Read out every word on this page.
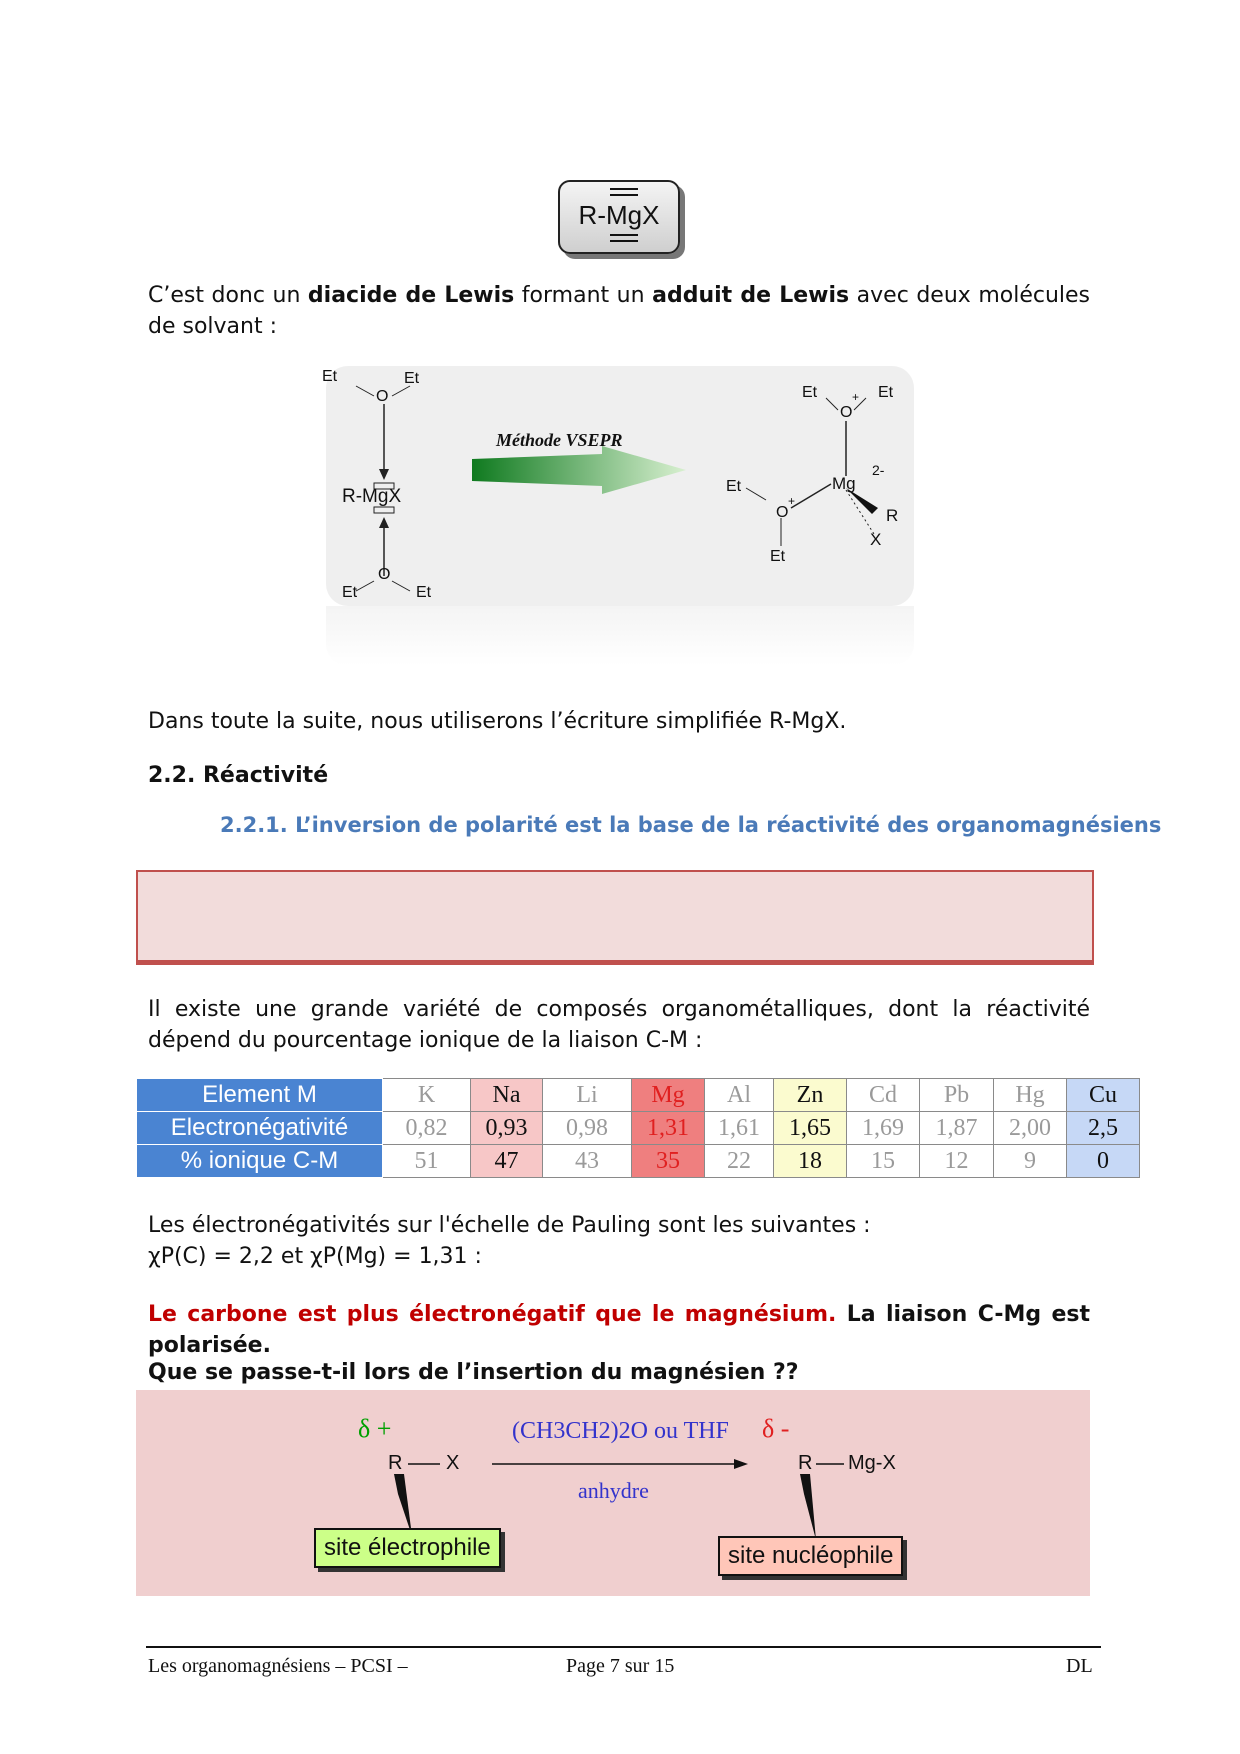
R-MgX
C’est donc un diacide de Lewis formant un adduit de Lewis avec deux molécules de solvant :
Et	Et
O
R-MgX
O
Et	Et
Méthode VSEPR
Et	Et
O
+
Mg
2-
Et
O
+
Et
R
X
Dans toute la suite, nous utiliserons l’écriture simplifiée R-MgX.
2.2. Réactivité
2.2.1. L’inversion de polarité est la base de la réactivité des organomagnésiens
Il existe une grande variété de composés organométalliques, dont la réactivité dépend du pourcentage ionique de la liaison C-M :
Element M	K	Na	Li	Mg	Al	Zn	Cd	Pb	Hg	Cu
Electronégativité	0,82	0,93	0,98	1,31	1,61	1,65	1,69	1,87	2,00	2,5
% ionique C-M	51	47	43	35	22	18	15	12	9	0
Les électronégativités sur l'échelle de Pauling sont les suivantes :
χP(C) = 2,2 et χP(Mg) = 1,31 :
Le carbone est plus électronégatif que le magnésium. La liaison C-Mg est polarisée.
Que se passe-t-il lors de l’insertion du magnésien ??
δ +
R X
(CH3CH2)2O ou THF
anhydre
δ -
R Mg-X
site électrophile	site nucléophile
Les organomagnésiens – PCSI –	Page 7 sur 15	DL
